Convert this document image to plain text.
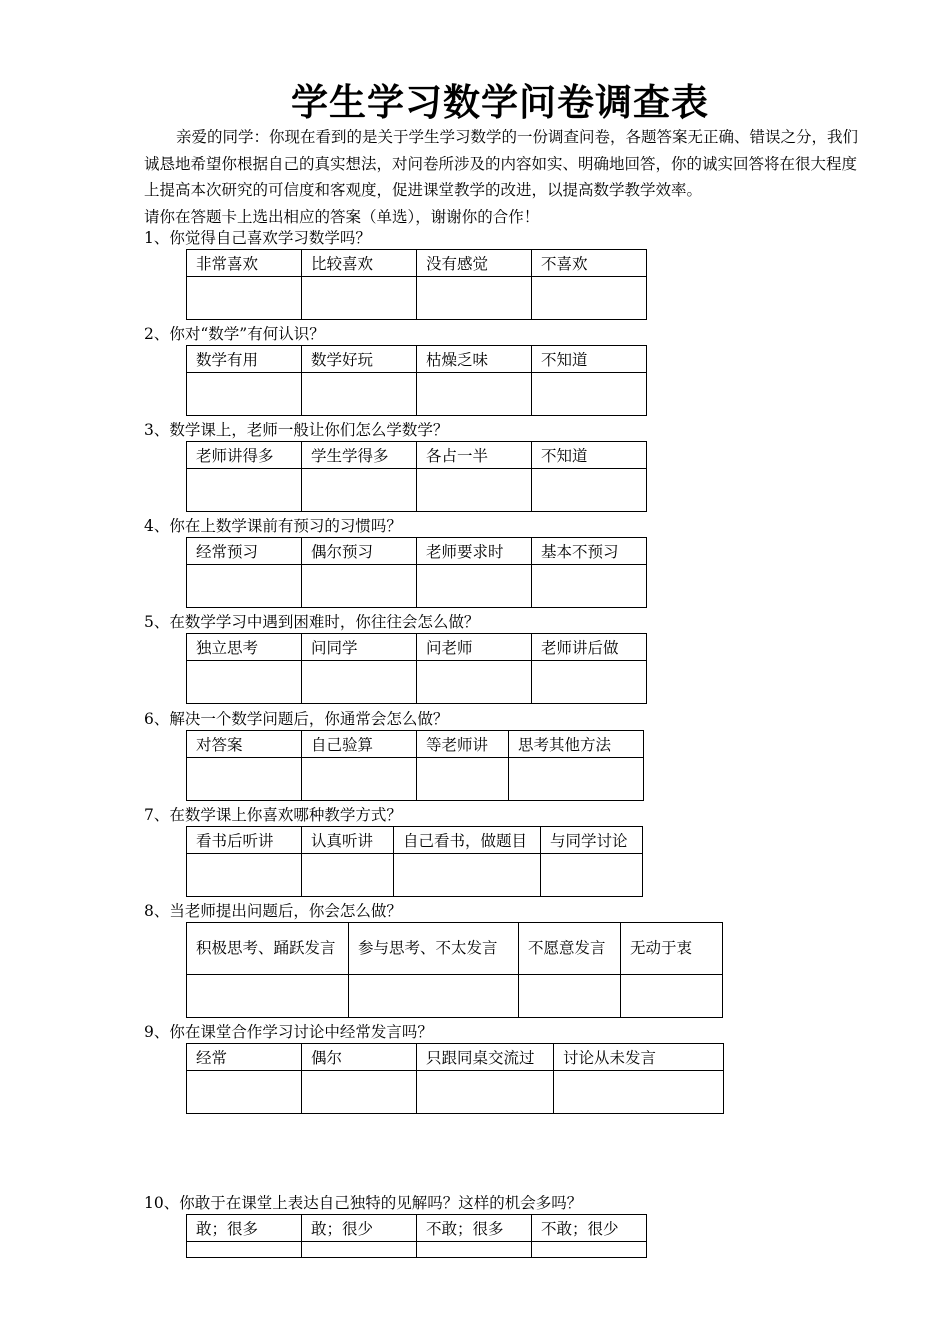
学生学习数学问卷调查表

亲爱的同学：你现在看到的是关于学生学习数学的一份调查问卷，各题答案无正确、错误之分，我们诚恳地希望你根据自己的真实想法，对问卷所涉及的内容如实、明确地回答，你的诚实回答将在很大程度上提高本次研究的可信度和客观度，促进课堂教学的改进，以提高数学教学效率。

请你在答题卡上选出相应的答案（单选），谢谢你的合作！

1、你觉得自己喜欢学习数学吗？
非常喜欢	比较喜欢	没有感觉	不喜欢

2、你对“数学”有何认识？
数学有用	数学好玩	枯燥乏味	不知道

3、数学课上，老师一般让你们怎么学数学？
老师讲得多	学生学得多	各占一半	不知道

4、你在上数学课前有预习的习惯吗？
经常预习	偶尔预习	老师要求时	基本不预习

5、在数学学习中遇到困难时，你往往会怎么做？
独立思考	问同学	问老师	老师讲后做

6、解决一个数学问题后，你通常会怎么做？
对答案	自己验算	等老师讲	思考其他方法

7、在数学课上你喜欢哪种教学方式？
看书后听讲	认真听讲	自己看书，做题目	与同学讨论

8、当老师提出问题后，你会怎么做？
积极思考、踊跃发言	参与思考、不太发言	不愿意发言	无动于衷

9、你在课堂合作学习讨论中经常发言吗？
经常	偶尔	只跟同桌交流过	讨论从未发言

10、你敢于在课堂上表达自己独特的见解吗？这样的机会多吗？
敢；很多	敢；很少	不敢；很多	不敢；很少
